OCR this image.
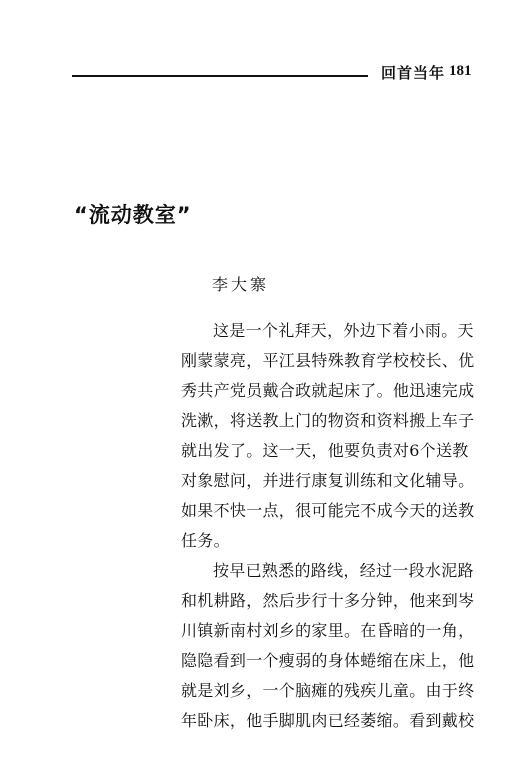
回首当年 181
“流动教室”
李大寨
这是一个礼拜天，外边下着小雨。天
刚蒙蒙亮，平江县特殊教育学校校长、优
秀共产党员戴合政就起床了。他迅速完成
洗漱，将送教上门的物资和资料搬上车子
就出发了。这一天，他要负责对6个送教
对象慰问，并进行康复训练和文化辅导。
如果不快一点，很可能完不成今天的送教
任务。
按早已熟悉的路线，经过一段水泥路
和机耕路，然后步行十多分钟，他来到岑
川镇新南村刘乡的家里。在昏暗的一角，
隐隐看到一个瘦弱的身体蜷缩在床上，他
就是刘乡，一个脑瘫的残疾儿童。由于终
年卧床，他手脚肌肉已经萎缩。看到戴校
